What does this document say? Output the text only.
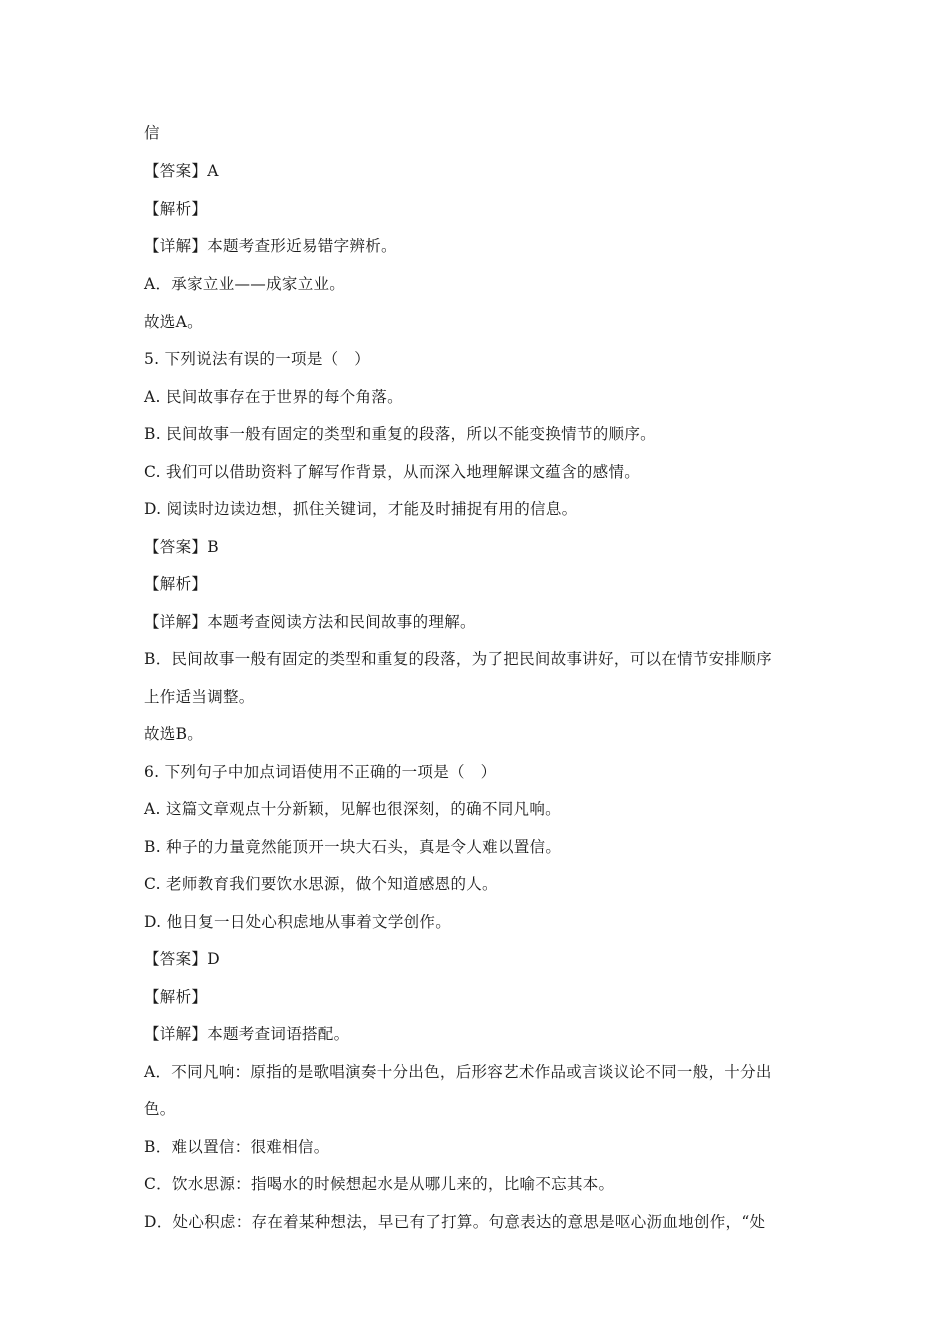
信
【答案】A
【解析】
【详解】本题考查形近易错字辨析。
A．承家立业——成家立业。
故选A。
5. 下列说法有误的一项是（　）
A. 民间故事存在于世界的每个角落。
B. 民间故事一般有固定的类型和重复的段落，所以不能变换情节的顺序。
C. 我们可以借助资料了解写作背景，从而深入地理解课文蕴含的感情。
D. 阅读时边读边想，抓住关键词，才能及时捕捉有用的信息。
【答案】B
【解析】
【详解】本题考查阅读方法和民间故事的理解。
B．民间故事一般有固定的类型和重复的段落，为了把民间故事讲好，可以在情节安排顺序
上作适当调整。
故选B。
6. 下列句子中加点词语使用不正确的一项是（　）
A. 这篇文章观点十分新颖，见解也很深刻，的确不同凡响。
B. 种子的力量竟然能顶开一块大石头，真是令人难以置信。
C. 老师教育我们要饮水思源，做个知道感恩的人。
D. 他日复一日处心积虑地从事着文学创作。
【答案】D
【解析】
【详解】本题考查词语搭配。
A．不同凡响：原指的是歌唱演奏十分出色，后形容艺术作品或言谈议论不同一般，十分出
色。
B．难以置信：很难相信。
C．饮水思源：指喝水的时候想起水是从哪儿来的，比喻不忘其本。
D．处心积虑：存在着某种想法，早已有了打算。句意表达的意思是呕心沥血地创作，“处
